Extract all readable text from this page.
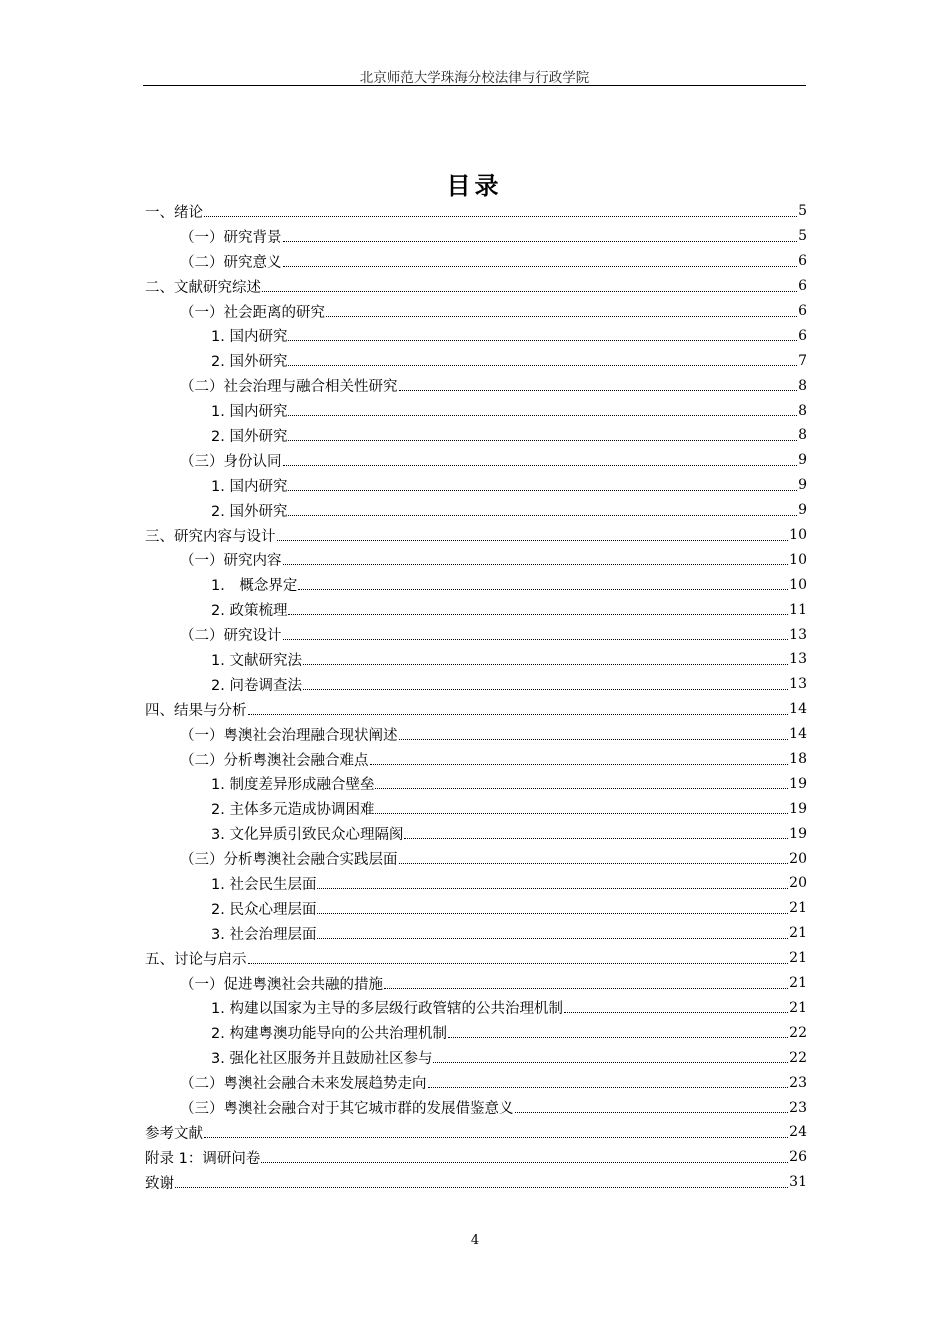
北京师范大学珠海分校法律与行政学院
目录
一、绪论	5
（一）研究背景	5
（二）研究意义	6
二、文献研究综述	6
（一）社会距离的研究	6
1. 国内研究	6
2. 国外研究	7
（二）社会治理与融合相关性研究	8
1. 国内研究	8
2. 国外研究	8
（三）身份认同	9
1. 国内研究	9
2. 国外研究	9
三、研究内容与设计	10
（一）研究内容	10
1． 概念界定	10
2. 政策梳理	11
（二）研究设计	13
1. 文献研究法	13
2. 问卷调查法	13
四、结果与分析	14
（一）粤澳社会治理融合现状阐述	14
（二）分析粤澳社会融合难点	18
1. 制度差异形成融合壁垒	19
2. 主体多元造成协调困难	19
3. 文化异质引致民众心理隔阂	19
（三）分析粤澳社会融合实践层面	20
1. 社会民生层面	20
2. 民众心理层面	21
3. 社会治理层面	21
五、讨论与启示	21
（一）促进粤澳社会共融的措施	21
1. 构建以国家为主导的多层级行政管辖的公共治理机制	21
2. 构建粤澳功能导向的公共治理机制	22
3. 强化社区服务并且鼓励社区参与	22
（二）粤澳社会融合未来发展趋势走向	23
（三）粤澳社会融合对于其它城市群的发展借鉴意义	23
参考文献	24
附录 1：调研问卷	26
致谢	31
4
